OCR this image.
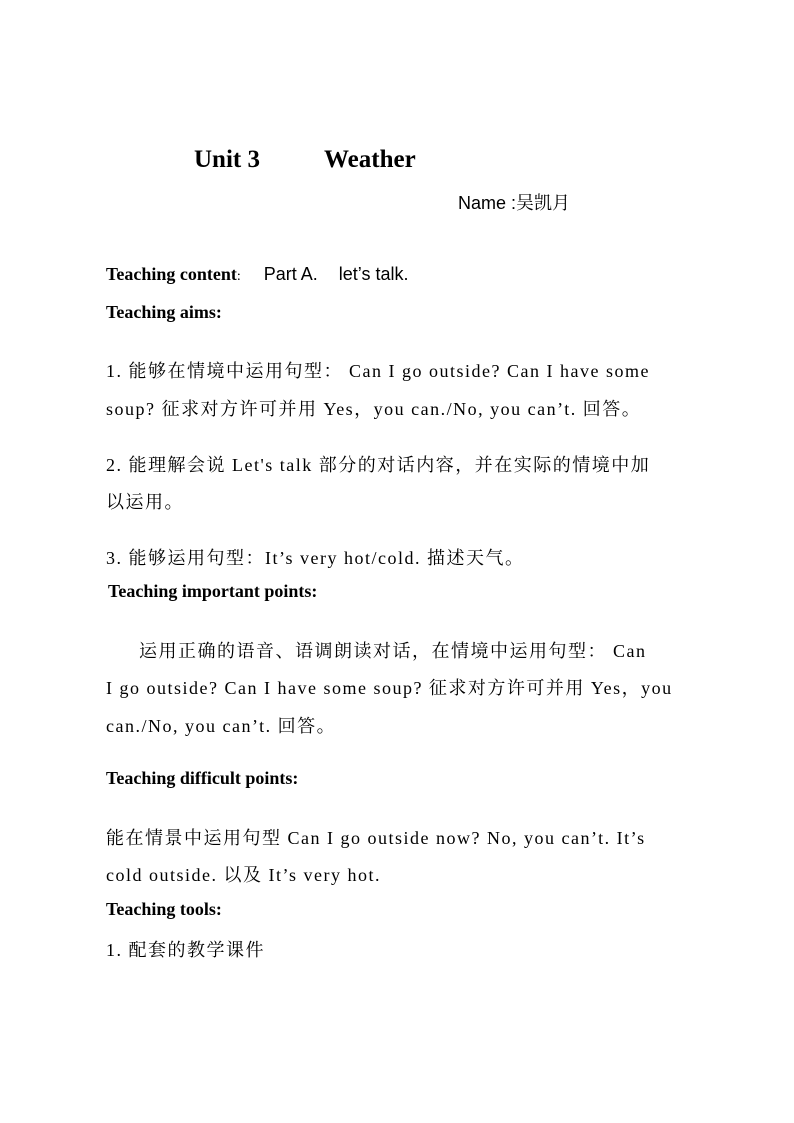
Unit 3	Weather
Name :吴凯月
Teaching content: Part A. let’s talk.
Teaching aims:
1. 能够在情境中运用句型： Can I go outside? Can I have some
soup? 征求对方许可并用 Yes，you can./No, you can’t. 回答。
2. 能理解会说 Let's talk 部分的对话内容，并在实际的情境中加
以运用。
3. 能够运用句型：It’s very hot/cold. 描述天气。
Teaching important points:
运用正确的语音、语调朗读对话，在情境中运用句型： Can
I go outside? Can I have some soup? 征求对方许可并用 Yes，you
can./No, you can’t. 回答。
Teaching difficult points:
能在情景中运用句型 Can I go outside now? No, you can’t. It’s
cold outside. 以及 It’s very hot.
Teaching tools:
1. 配套的教学课件
